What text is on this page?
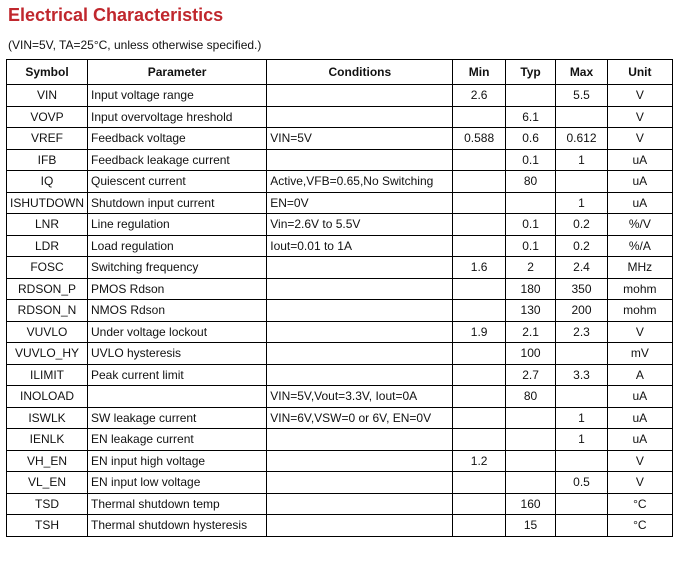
Electrical Characteristics
(VIN=5V, TA=25°C, unless otherwise specified.)
Symbol	Parameter	Conditions	Min	Typ	Max	Unit
VIN	Input voltage range		2.6		5.5	V
VOVP	Input overvoltage hreshold			6.1		V
VREF	Feedback voltage	VIN=5V	0.588	0.6	0.612	V
IFB	Feedback leakage current			0.1	1	uA
IQ	Quiescent current	Active,VFB=0.65,No Switching		80		uA
ISHUTDOWN	Shutdown input current	EN=0V			1	uA
LNR	Line regulation	Vin=2.6V to 5.5V		0.1	0.2	%/V
LDR	Load regulation	Iout=0.01 to 1A		0.1	0.2	%/A
FOSC	Switching frequency		1.6	2	2.4	MHz
RDSON_P	PMOS Rdson			180	350	mohm
RDSON_N	NMOS Rdson			130	200	mohm
VUVLO	Under voltage lockout		1.9	2.1	2.3	V
VUVLO_HY	UVLO hysteresis			100		mV
ILIMIT	Peak current limit			2.7	3.3	A
INOLOAD		VIN=5V,Vout=3.3V, Iout=0A		80		uA
ISWLK	SW leakage current	VIN=6V,VSW=0 or 6V, EN=0V			1	uA
IENLK	EN leakage current				1	uA
VH_EN	EN input high voltage		1.2			V
VL_EN	EN input low voltage				0.5	V
TSD	Thermal shutdown temp			160		°C
TSH	Thermal shutdown hysteresis			15		°C
